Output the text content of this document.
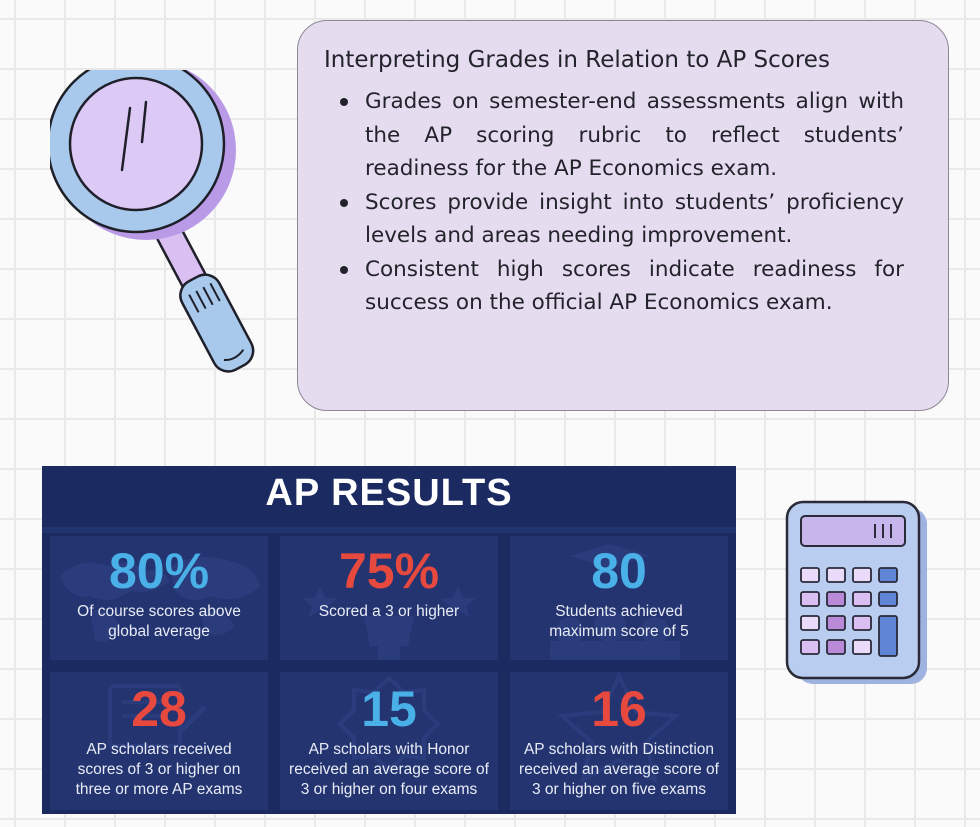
Interpreting Grades in Relation to AP Scores
Grades on semester-end assessments align with the AP scoring rubric to reflect students’ readiness for the AP Economics exam.
Scores provide insight into students’ proficiency levels and areas needing improvement.
Consistent high scores indicate readiness for success on the official AP Economics exam.
AP RESULTS
80%
Of course scores above
global average
75%
Scored a 3 or higher
80
Students achieved
maximum score of 5
28
AP scholars received
scores of 3 or higher on
three or more AP exams
15
AP scholars with Honor
received an average score of
3 or higher on four exams
16
AP scholars with Distinction
received an average score of
3 or higher on five exams
